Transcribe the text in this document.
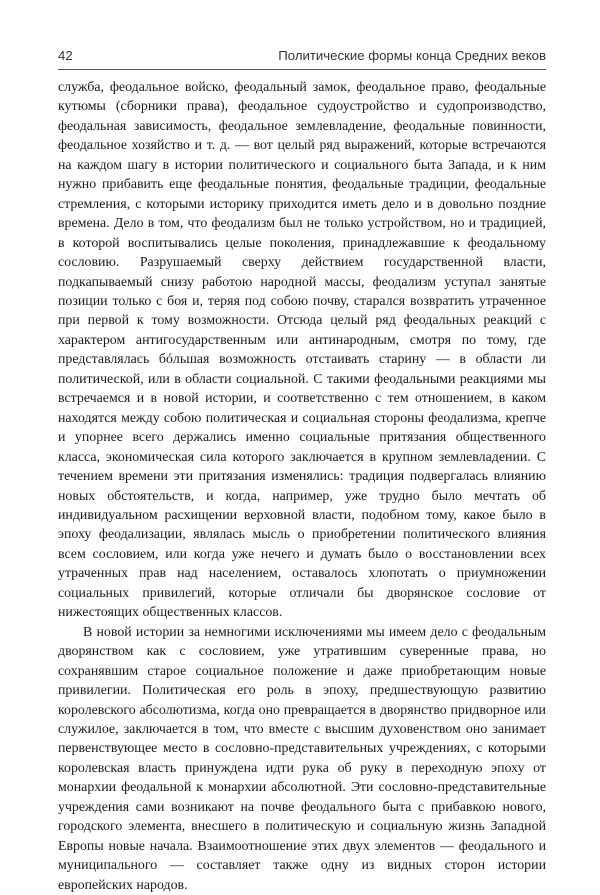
42	Политические формы конца Средних веков

служба, феодальное войско, феодальный замок, феодальное право, феодальные кутюмы (сборники права), феодальное судоустройство и судопроизводство, феодальная зависимость, феодальное землевладение, феодальные повинности, феодальное хозяйство и т. д. — вот целый ряд выражений, которые встречаются на каждом шагу в истории политического и социального быта Запада, и к ним нужно прибавить еще феодальные понятия, феодальные традиции, феодальные стремления, с которыми историку приходится иметь дело и в довольно поздние времена. Дело в том, что феодализм был не только устройством, но и традицией, в которой воспитывались целые поколения, принадлежавшие к феодальному сословию. Разрушаемый сверху действием государственной власти, подкапываемый снизу работою народной массы, феодализм уступал занятые позиции только с боя и, теряя под собою почву, старался возвратить утраченное при первой к тому возможности. Отсюда целый ряд феодальных реакций с характером антигосударственным или антинародным, смотря по тому, где представлялась бóльшая возможность отстаивать старину — в области ли политической, или в области социальной. С такими феодальными реакциями мы встречаемся и в новой истории, и соответственно с тем отношением, в каком находятся между собою политическая и социальная стороны феодализма, крепче и упорнее всего держались именно социальные притязания общественного класса, экономическая сила которого заключается в крупном землевладении. С течением времени эти притязания изменялись: традиция подвергалась влиянию новых обстоятельств, и когда, например, уже трудно было мечтать об индивидуальном расхищении верховной власти, подобном тому, какое было в эпоху феодализации, являлась мысль о приобретении политического влияния всем сословием, или когда уже нечего и думать было о восстановлении всех утраченных прав над населением, оставалось хлопотать о приумножении социальных привилегий, которые отличали бы дворянское сословие от нижестоящих общественных классов.

В новой истории за немногими исключениями мы имеем дело с феодальным дворянством как с сословием, уже утратившим суверенные права, но сохранявшим старое социальное положение и даже приобретающим новые привилегии. Политическая его роль в эпоху, предшествующую развитию королевского абсолютизма, когда оно превращается в дворянство придворное или служилое, заключается в том, что вместе с высшим духовенством оно занимает первенствующее место в сословно-представительных учреждениях, с которыми королевская власть принуждена идти рука об руку в переходную эпоху от монархии феодальной к монархии абсолютной. Эти сословно-представительные учреждения сами возникают на почве феодального быта с прибавкою нового, городского элемента, внесшего в политическую и социальную жизнь Западной Европы новые начала. Взаимоотношение этих двух элементов — феодального и муниципального — составляет также одну из видных сторон истории европейских народов.
